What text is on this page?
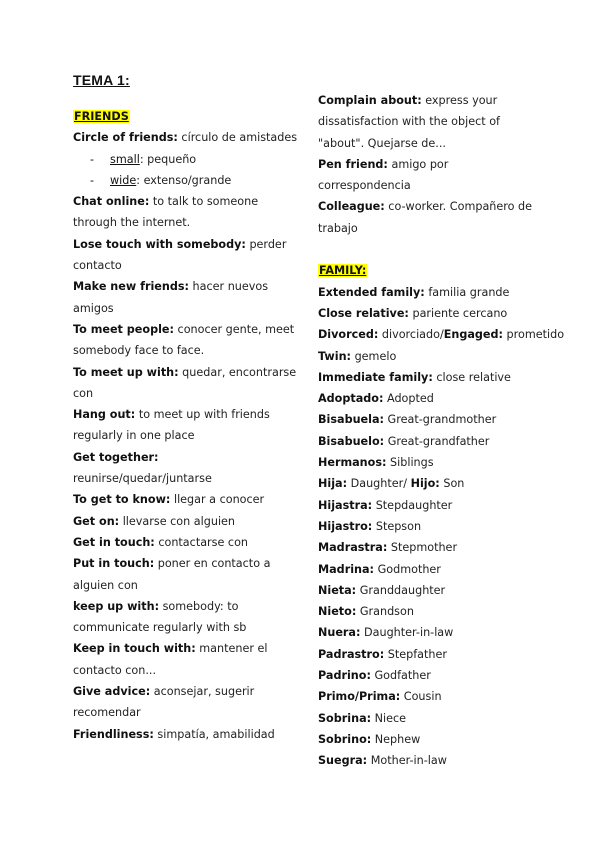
TEMA 1:
FRIENDS
Circle of friends: círculo de amistades
- small: pequeño
- wide: extenso/grande
Chat online: to talk to someone
through the internet.
Lose touch with somebody: perder
contacto
Make new friends: hacer nuevos
amigos
To meet people: conocer gente, meet
somebody face to face.
To meet up with: quedar, encontrarse
con
Hang out: to meet up with friends
regularly in one place
Get together:
reunirse/quedar/juntarse
To get to know: llegar a conocer
Get on: llevarse con alguien
Get in touch: contactarse con
Put in touch: poner en contacto a
alguien con
keep up with: somebody: to
communicate regularly with sb
Keep in touch with: mantener el
contacto con...
Give advice: aconsejar, sugerir
recomendar
Friendliness: simpatía, amabilidad
Complain about: express your
dissatisfaction with the object of
"about". Quejarse de...
Pen friend: amigo por
correspondencia
Colleague: co-worker. Compañero de
trabajo
FAMILY:
Extended family: familia grande
Close relative: pariente cercano
Divorced: divorciado/Engaged: prometido
Twin: gemelo
Immediate family: close relative
Adoptado: Adopted
Bisabuela: Great-grandmother
Bisabuelo: Great-grandfather
Hermanos: Siblings
Hija: Daughter/ Hijo: Son
Hijastra: Stepdaughter
Hijastro: Stepson
Madrastra: Stepmother
Madrina: Godmother
Nieta: Granddaughter
Nieto: Grandson
Nuera: Daughter-in-law
Padrastro: Stepfather
Padrino: Godfather
Primo/Prima: Cousin
Sobrina: Niece
Sobrino: Nephew
Suegra: Mother-in-law
